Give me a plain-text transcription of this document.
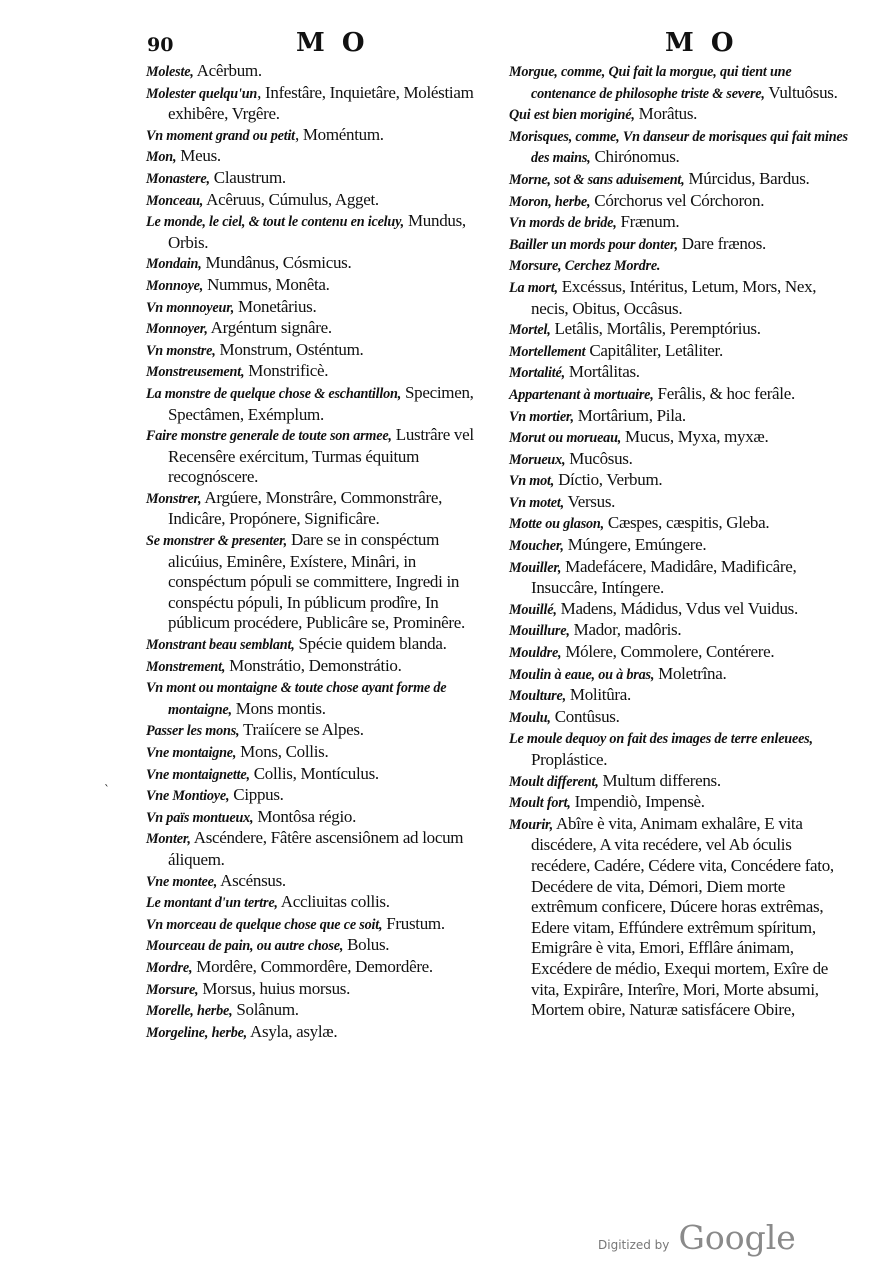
90	M O	M O

Moleste, Acêrbum.

Molester quelqu'un, Infestâre, Inquietâre, Moléstiam exhibêre, Vrgêre.

Vn moment grand ou petit, Moméntum.

Mon, Meus.

Monastere, Claustrum.

Monceau, Acêruus, Cúmulus, Agget.

Le monde, le ciel, & tout le contenu en iceluy, Mundus, Orbis.

Mondain, Mundânus, Cósmicus.

Monnoye, Nummus, Monêta.

Vn monnoyeur, Monetârius.

Monnoyer, Argéntum signâre.

Vn monstre, Monstrum, Osténtum.

Monstreusement, Monstrificè.

La monstre de quelque chose & eschantillon, Specimen, Spectâmen, Exémplum.

Faire monstre generale de toute son armee, Lustrâre vel Recensêre exércitum, Turmas équitum recognóscere.

Monstrer, Argúere, Monstrâre, Commonstrâre, Indicâre, Propónere, Significâre.

Se monstrer & presenter, Dare se in conspéctum alicúius, Eminêre, Exístere, Minâri, in conspéctum pópuli se committere, Ingredi in conspéctu pópuli, In públicum prodîre, In públicum procédere, Publicâre se, Prominêre.

Monstrant beau semblant, Spécie quidem blanda.

Monstrement, Monstrátio, Demonstrátio.

Vn mont ou montaigne & toute chose ayant forme de montaigne, Mons montis.

Passer les mons, Traiícere se Alpes.

Vne montaigne, Mons, Collis.

Vne montaignette, Collis, Montículus.

Vne Montioye, Cippus.

Vn païs montueux, Montôsa régio.

Monter, Ascéndere, Fâtêre ascensiônem ad locum áliquem.

Vne montee, Ascénsus.

Le montant d'un tertre, Accliuitas collis.

Vn morceau de quelque chose que ce soit, Frustum.

Mourceau de pain, ou autre chose, Bolus.

Mordre, Mordêre, Commordêre, Demordêre.

Morsure, Morsus, huius morsus.

Morelle, herbe, Solânum.

Morgeline, herbe, Asyla, asylæ.

Morgue, comme, Qui fait la morgue, qui tient une contenance de philosophe triste & severe, Vultuôsus.

Qui est bien moriginé, Morâtus.

Morisques, comme, Vn danseur de morisques qui fait mines des mains, Chirónomus.

Morne, sot & sans aduisement, Múrcidus, Bardus.

Moron, herbe, Córchorus vel Córchoron.

Vn mords de bride, Frænum.

Bailler un mords pour donter, Dare frænos.

Morsure, Cerchez Mordre.

La mort, Excéssus, Intéritus, Letum, Mors, Nex, necis, Obitus, Occâsus.

Mortel, Letâlis, Mortâlis, Peremptórius.

Mortellement Capitâliter, Letâliter.

Mortalité, Mortâlitas.

Appartenant à mortuaire, Ferâlis, & hoc ferâle.

Vn mortier, Mortârium, Pila.

Morut ou morueau, Mucus, Myxa, myxæ.

Morueux, Mucôsus.

Vn mot, Díctio, Verbum.

Vn motet, Versus.

Motte ou glason, Cæspes, cæspitis, Gleba.

Moucher, Múngere, Emúngere.

Mouiller, Madefácere, Madidâre, Madificâre, Insuccâre, Intíngere.

Mouillé, Madens, Mádidus, Vdus vel Vuidus.

Mouillure, Mador, madôris.

Mouldre, Mólere, Commolere, Contérere.

Moulin à eaue, ou à bras, Moletrîna.

Moulture, Molitûra.

Moulu, Contûsus.

Le moule dequoy on fait des images de terre enleuees, Proplástice.

Moult different, Multum differens.

Moult fort, Impendiò, Impensè.

Mourir, Abîre è vita, Animam exhalâre, E vita discédere, A vita recédere, vel Ab óculis recédere, Cadére, Cédere vita, Concédere fato, Decédere de vita, Démori, Diem morte extrêmum conficere, Dúcere horas extrêmas, Edere vitam, Effúndere extrêmum spíritum, Emigrâre è vita, Emori, Efflâre ánimam, Excédere de médio, Exequi mortem, Exîre de vita, Expirâre, Interîre, Mori, Morte absumi, Mortem obire, Naturæ satisfácere Obire,

ˋ
Digitized by Google
